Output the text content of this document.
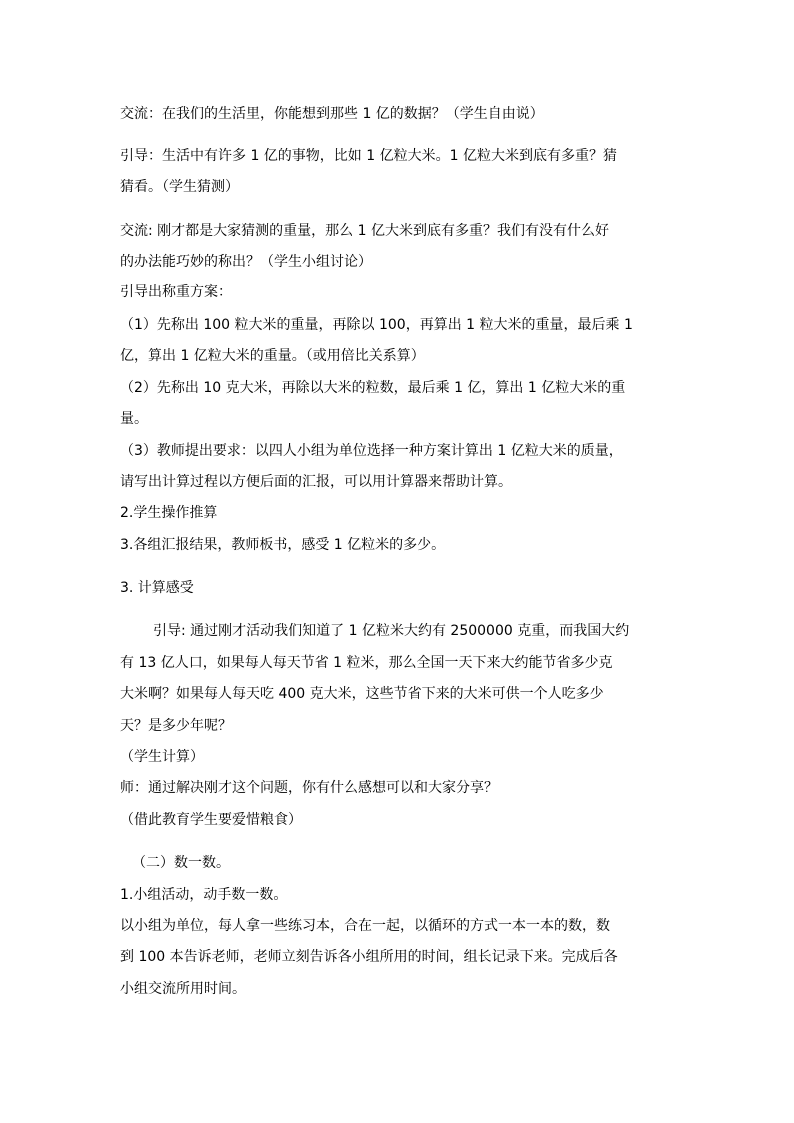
交流：在我们的生活里，你能想到那些 1 亿的数据？（学生自由说）
引导：生活中有许多 1 亿的事物，比如 1 亿粒大米。1 亿粒大米到底有多重？猜
猜看。（学生猜测）
交流: 刚才都是大家猜测的重量，那么 1 亿大米到底有多重？我们有没有什么好
的办法能巧妙的称出？（学生小组讨论）
引导出称重方案：
（1）先称出 100 粒大米的重量，再除以 100，再算出 1 粒大米的重量，最后乘 1
亿，算出 1 亿粒大米的重量。（或用倍比关系算）
（2）先称出 10 克大米，再除以大米的粒数，最后乘 1 亿，算出 1 亿粒大米的重
量。
（3）教师提出要求：以四人小组为单位选择一种方案计算出 1 亿粒大米的质量，
请写出计算过程以方便后面的汇报，可以用计算器来帮助计算。
2.学生操作推算
3.各组汇报结果，教师板书，感受 1 亿粒米的多少。
3. 计算感受
引导: 通过刚才活动我们知道了 1 亿粒米大约有 2500000 克重，而我国大约
有 13 亿人口，如果每人每天节省 1 粒米，那么全国一天下来大约能节省多少克
大米啊？如果每人每天吃 400 克大米，这些节省下来的大米可供一个人吃多少
天？是多少年呢？
（学生计算）
师：通过解决刚才这个问题，你有什么感想可以和大家分享？
（借此教育学生要爱惜粮食）
（二）数一数。
1.小组活动，动手数一数。
以小组为单位，每人拿一些练习本，合在一起，以循环的方式一本一本的数，数
到 100 本告诉老师，老师立刻告诉各小组所用的时间，组长记录下来。完成后各
小组交流所用时间。
